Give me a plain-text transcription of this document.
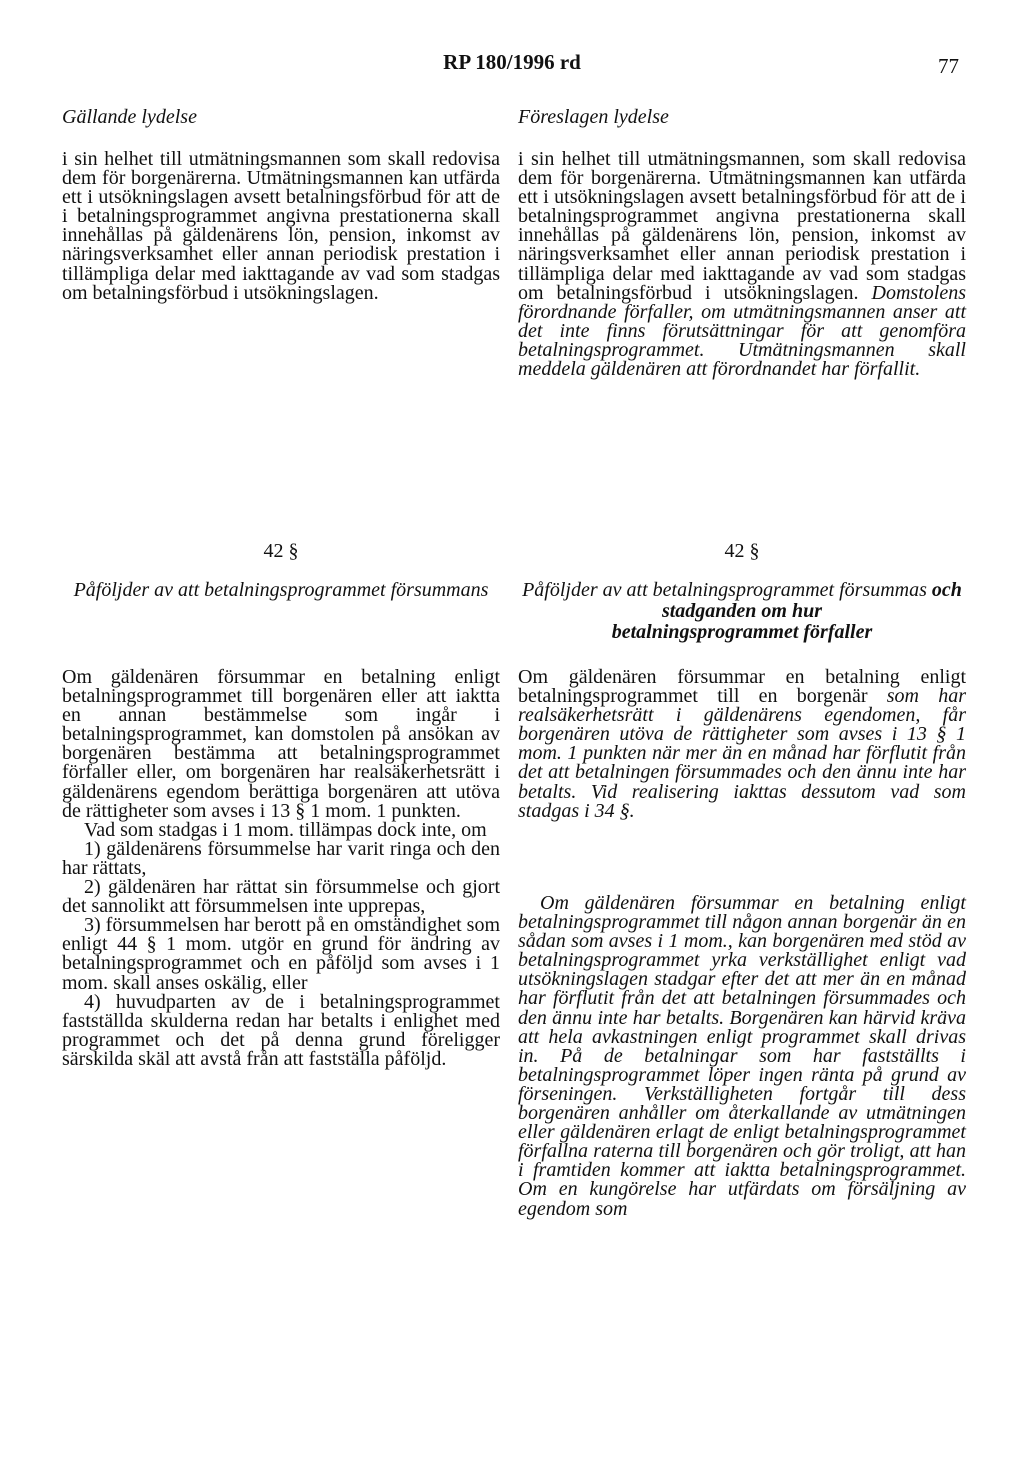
RP 180/1996 rd	77
Gällande lydelse

i sin helhet till utmätningsmannen som skall redovisa dem för borgenärerna. Utmätningsmannen kan utfärda ett i utsökningslagen avsett betalningsförbud för att de i betalningsprogrammet angivna prestationerna skall innehållas på gäldenärens lön, pension, inkomst av näringsverksamhet eller annan periodisk prestation i tillämpliga delar med iakttagande av vad som stadgas om betalningsförbud i utsökningslagen.

42 §
Påföljder av att betalningsprogrammet försummans

Om gäldenären försummar en betalning enligt betalningsprogrammet till borgenären eller att iaktta en annan bestämmelse som ingår i betalningsprogrammet, kan domstolen på ansökan av borgenären bestämma att betalningsprogrammet förfaller eller, om borgenären har realsäkerhetsrätt i gäldenärens egendom berättiga borgenären att utöva de rättigheter som avses i 13 § 1 mom. 1 punkten.

Vad som stadgas i 1 mom. tillämpas dock inte, om

1) gäldenärens försummelse har varit ringa och den har rättats,

2) gäldenären har rättat sin försummelse och gjort det sannolikt att försummelsen inte upprepas,

3) försummelsen har berott på en omständighet som enligt 44 § 1 mom. utgör en grund för ändring av betalningsprogrammet och en påföljd som avses i 1 mom. skall anses oskälig, eller

4) huvudparten av de i betalningsprogrammet fastställda skulderna redan har betalts i enlighet med programmet och det på denna grund föreligger särskilda skäl att avstå från att fastställa påföljd.

Föreslagen lydelse

i sin helhet till utmätningsmannen, som skall redovisa dem för borgenärerna. Utmätningsmannen kan utfärda ett i utsökningslagen avsett betalningsförbud för att de i betalningsprogrammet angivna prestationerna skall innehållas på gäldenärens lön, pension, inkomst av näringsverksamhet eller annan periodisk prestation i tillämpliga delar med iakttagande av vad som stadgas om betalningsförbud i utsökningslagen. Domstolens förordnande förfaller, om utmätningsmannen anser att det inte finns förutsättningar för att genomföra betalningsprogrammet. Utmätningsmannen skall meddela gäldenären att förordnandet har förfallit.

42 §
Påföljder av att betalningsprogrammet försummas och stadganden om hur
betalningsprogrammet förfaller

Om gäldenären försummar en betalning enligt betalningsprogrammet till en borgenär som har realsäkerhetsrätt i gäldenärens egendomen, får borgenären utöva de rättigheter som avses i 13 § 1 mom. 1 punkten när mer än en månad har förflutit från det att betalningen försummades och den ännu inte har betalts. Vid realisering iakttas dessutom vad som stadgas i 34 §.

Om gäldenären försummar en betalning enligt betalningsprogrammet till någon annan borgenär än en sådan som avses i 1 mom., kan borgenären med stöd av betalningsprogrammet yrka verkställighet enligt vad utsökningslagen stadgar efter det att mer än en månad har förflutit från det att betalningen försummades och den ännu inte har betalts. Borgenären kan härvid kräva att hela avkastningen enligt programmet skall drivas in. På de betalningar som har fastställts i betalningsprogrammet löper ingen ränta på grund av förseningen. Verkställigheten fortgår till dess borgenären anhåller om återkallande av utmätningen eller gäldenären erlagt de enligt betalningsprogrammet förfallna raterna till borgenären och gör troligt, att han i framtiden kommer att iaktta betalningsprogrammet. Om en kungörelse har utfärdats om försäljning av egendom som
